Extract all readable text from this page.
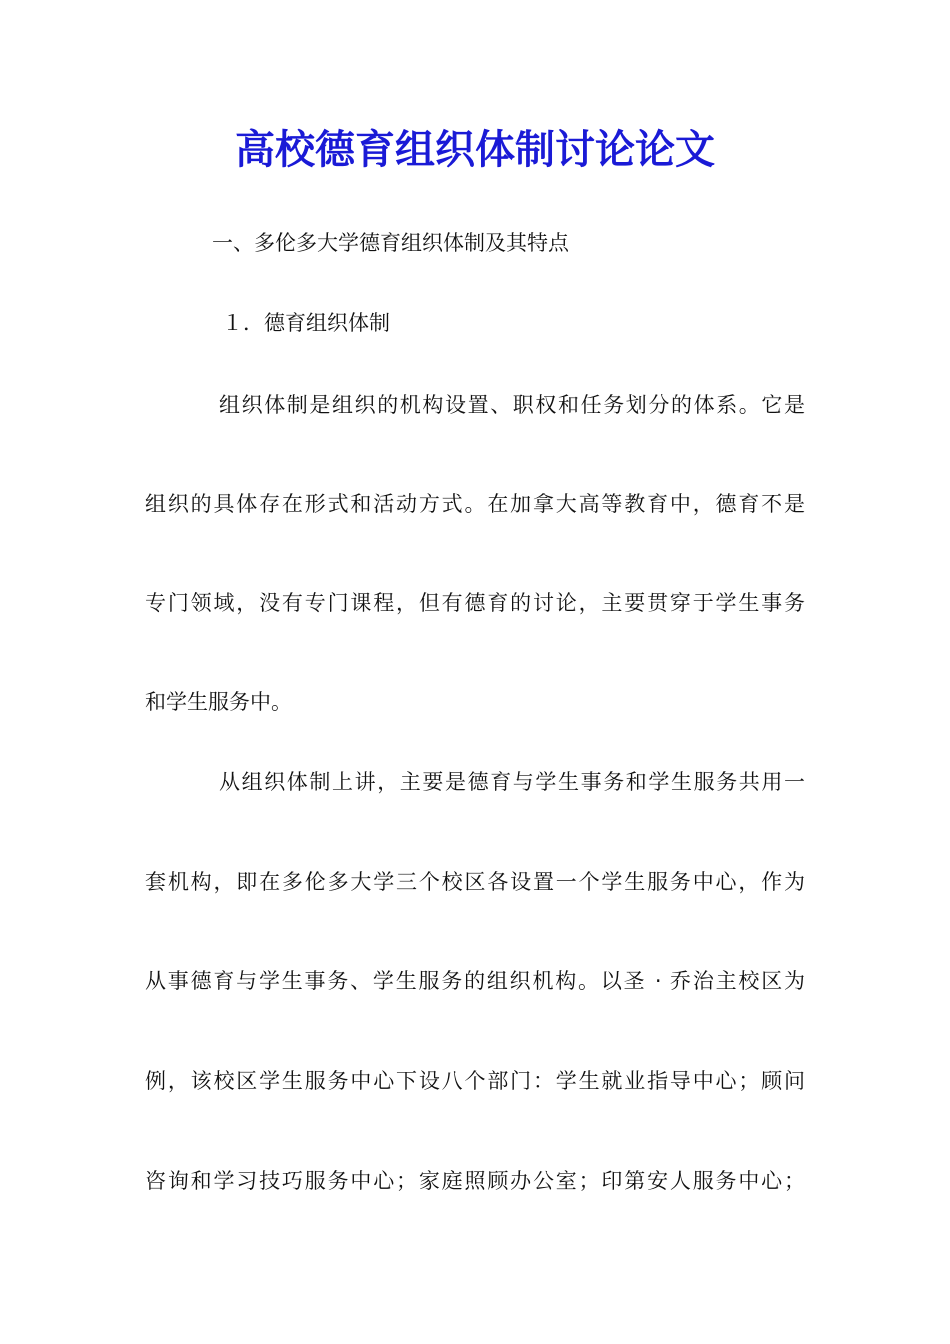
高校德育组织体制讨论论文

一、多伦多大学德育组织体制及其特点

１．德育组织体制

组织体制是组织的机构设置、职权和任务划分的体系。它是

组织的具体存在形式和活动方式。在加拿大高等教育中，德育不是

专门领域，没有专门课程，但有德育的讨论，主要贯穿于学生事务

和学生服务中。

从组织体制上讲，主要是德育与学生事务和学生服务共用一

套机构，即在多伦多大学三个校区各设置一个学生服务中心，作为

从事德育与学生事务、学生服务的组织机构。以圣 · 乔治主校区为

例，该校区学生服务中心下设八个部门：学生就业指导中心；顾问

咨询和学习技巧服务中心；家庭照顾办公室；印第安人服务中心；
